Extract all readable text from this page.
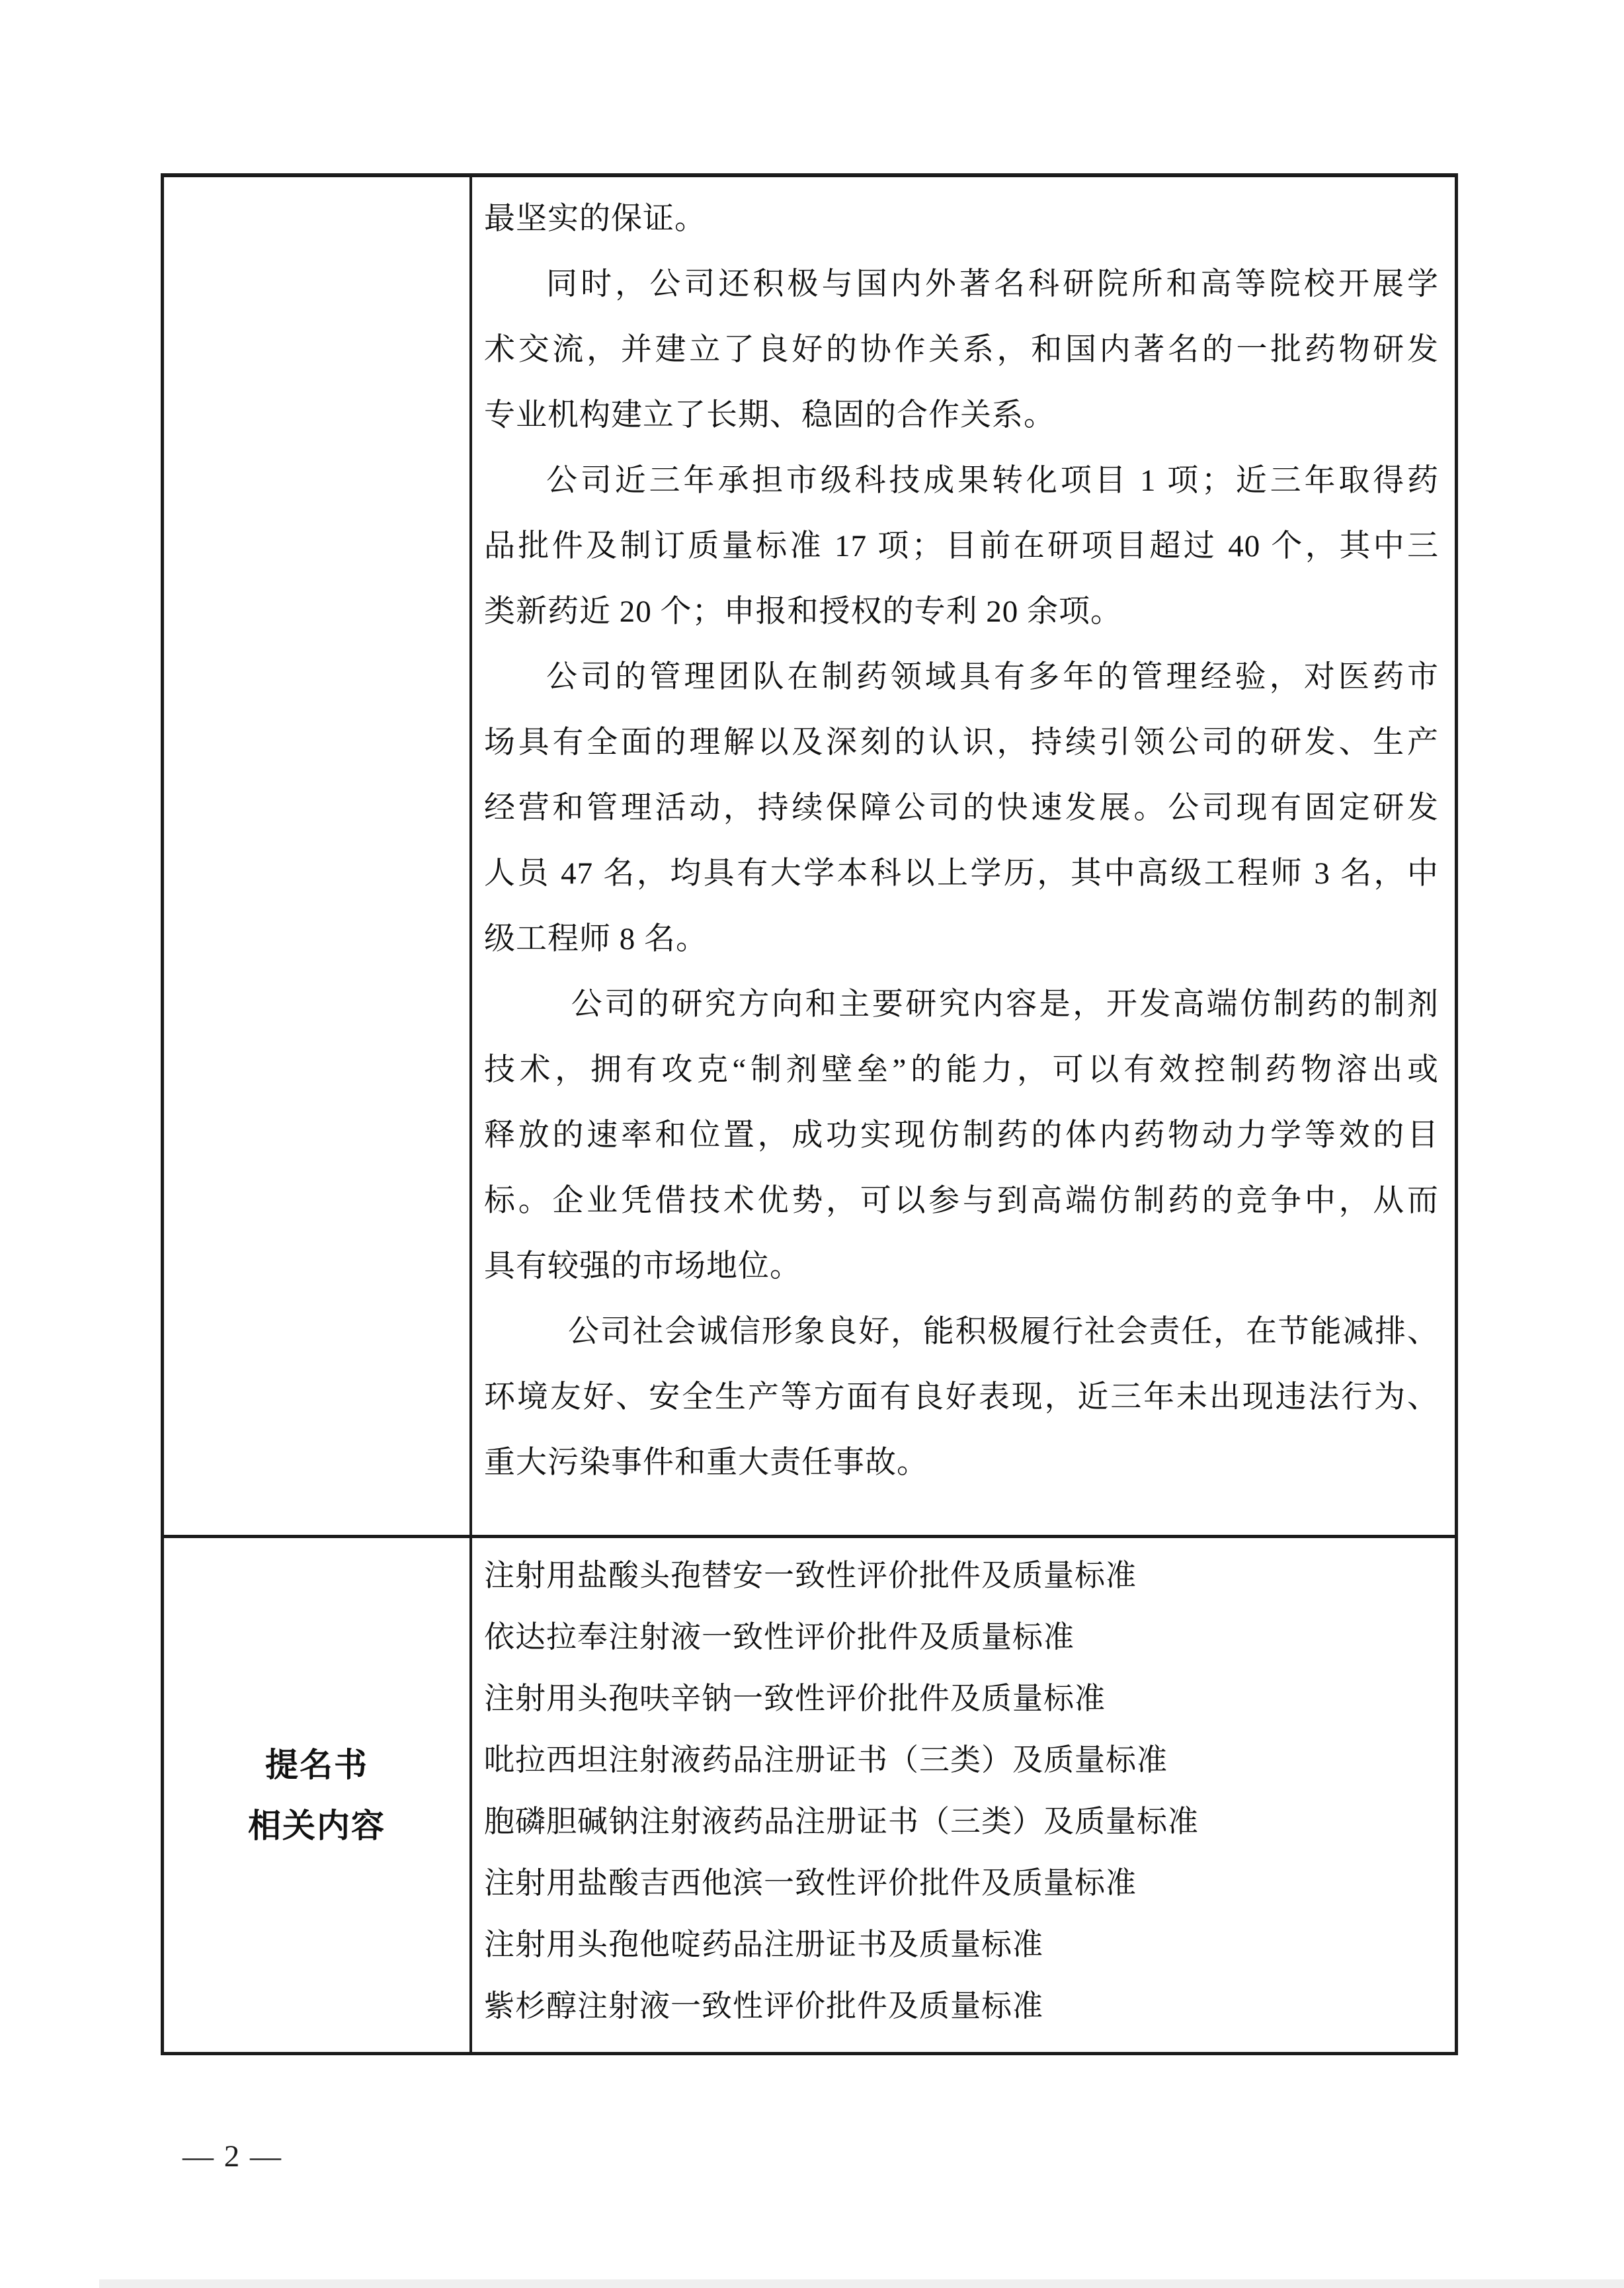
最坚实的保证。
同时，公司还积极与国内外著名科研院所和高等院校开展学
术交流，并建立了良好的协作关系，和国内著名的一批药物研发
专业机构建立了长期、稳固的合作关系。
公司近三年承担市级科技成果转化项目 1 项；近三年取得药
品批件及制订质量标准 17 项；目前在研项目超过 40 个，其中三
类新药近 20 个；申报和授权的专利 20 余项。
公司的管理团队在制药领域具有多年的管理经验，对医药市
场具有全面的理解以及深刻的认识，持续引领公司的研发、生产
经营和管理活动，持续保障公司的快速发展。公司现有固定研发
人员 47 名，均具有大学本科以上学历，其中高级工程师 3 名，中
级工程师 8 名。
公司的研究方向和主要研究内容是，开发高端仿制药的制剂
技术，拥有攻克“制剂壁垒”的能力，可以有效控制药物溶出或
释放的速率和位置，成功实现仿制药的体内药物动力学等效的目
标。企业凭借技术优势，可以参与到高端仿制药的竞争中，从而
具有较强的市场地位。
公司社会诚信形象良好，能积极履行社会责任，在节能减排、
环境友好、安全生产等方面有良好表现，近三年未出现违法行为、
重大污染事件和重大责任事故。
提名书
相关内容
注射用盐酸头孢替安一致性评价批件及质量标准
依达拉奉注射液一致性评价批件及质量标准
注射用头孢呋辛钠一致性评价批件及质量标准
吡拉西坦注射液药品注册证书（三类）及质量标准
胞磷胆碱钠注射液药品注册证书（三类）及质量标准
注射用盐酸吉西他滨一致性评价批件及质量标准
注射用头孢他啶药品注册证书及质量标准
紫杉醇注射液一致性评价批件及质量标准
— 2 —
